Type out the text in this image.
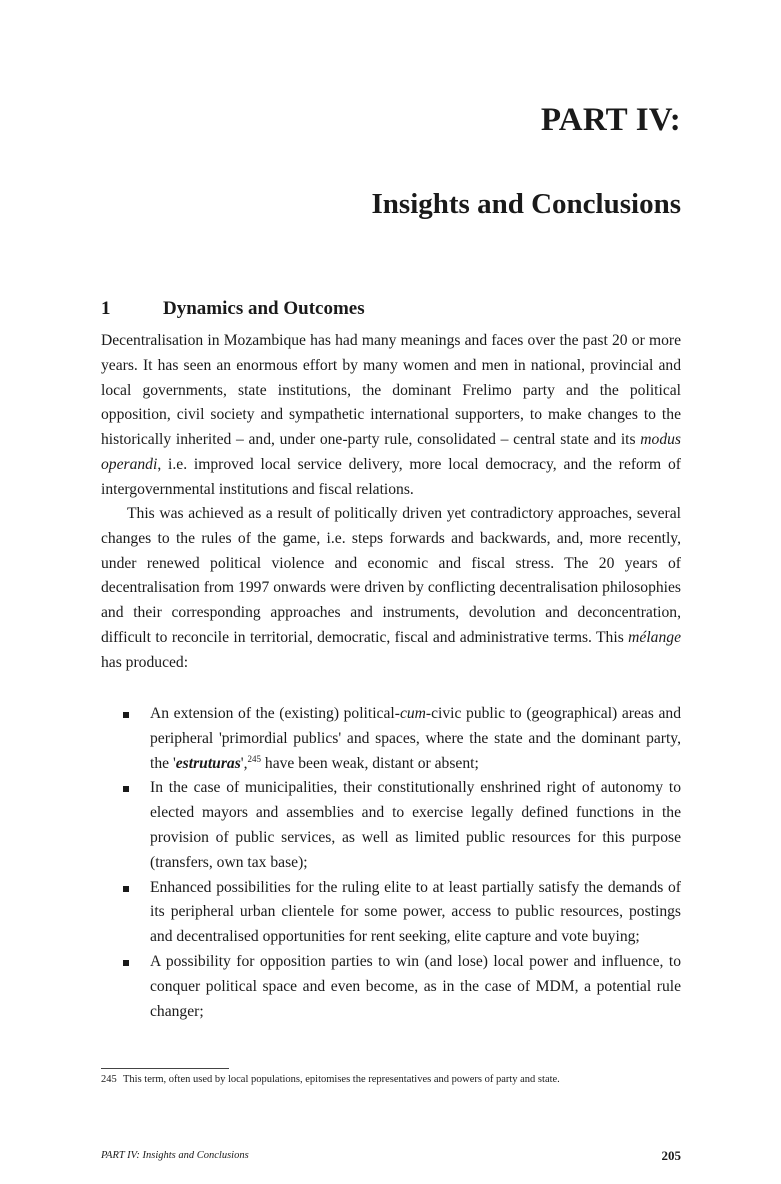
PART IV:
Insights and Conclusions
1	Dynamics and Outcomes

Decentralisation in Mozambique has had many meanings and faces over the past 20 or more years. It has seen an enormous effort by many women and men in national, provincial and local governments, state institutions, the dominant Frelimo party and the political opposition, civil society and sympathetic international supporters, to make changes to the historically inherited – and, under one-party rule, consolidated – central state and its modus operandi, i.e. improved local service delivery, more local democracy, and the reform of intergovernmental institutions and fiscal relations.

This was achieved as a result of politically driven yet contradictory approaches, several changes to the rules of the game, i.e. steps forwards and backwards, and, more recently, under renewed political violence and economic and fiscal stress. The 20 years of decentralisation from 1997 onwards were driven by conflicting decentralisation philosophies and their corresponding approaches and instruments, devolution and deconcentration, difficult to reconcile in territorial, democratic, fiscal and administrative terms. This mélange has produced:

An extension of the (existing) political-cum-civic public to (geographical) areas and peripheral 'primordial publics' and spaces, where the state and the dominant party, the 'estruturas',$^{245}$ have been weak, distant or absent;
In the case of municipalities, their constitutionally enshrined right of autonomy to elected mayors and assemblies and to exercise legally defined functions in the provision of public services, as well as limited public resources for this purpose (transfers, own tax base);
Enhanced possibilities for the ruling elite to at least partially satisfy the demands of its peripheral urban clientele for some power, access to public resources, postings and decentralised opportunities for rent seeking, elite capture and vote buying;
A possibility for opposition parties to win (and lose) local power and influence, to conquer political space and even become, as in the case of MDM, a potential rule changer;

245 This term, often used by local populations, epitomises the representatives and powers of party and state.

PART IV: Insights and Conclusions	205
